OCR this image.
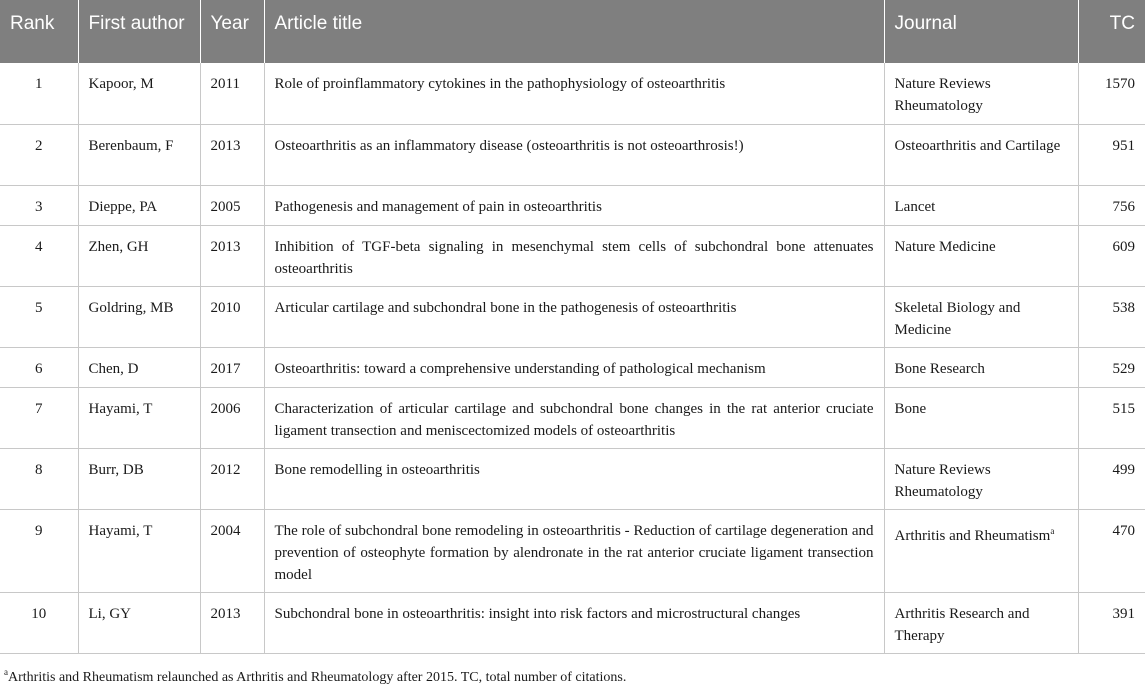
Rank	First author	Year	Article title	Journal	TC
1	Kapoor, M	2011	Role of proinflammatory cytokines in the pathophysiology of osteoarthritis	Nature Reviews Rheumatology	1570
2	Berenbaum, F	2013	Osteoarthritis as an inflammatory disease (osteoarthritis is not osteoarthrosis!)	Osteoarthritis and Cartilage	951
3	Dieppe, PA	2005	Pathogenesis and management of pain in osteoarthritis	Lancet	756
4	Zhen, GH	2013	Inhibition of TGF-beta signaling in mesenchymal stem cells of subchondral bone attenuates osteoarthritis	Nature Medicine	609
5	Goldring, MB	2010	Articular cartilage and subchondral bone in the pathogenesis of osteoarthritis	Skeletal Biology and Medicine	538
6	Chen, D	2017	Osteoarthritis: toward a comprehensive understanding of pathological mechanism	Bone Research	529
7	Hayami, T	2006	Characterization of articular cartilage and subchondral bone changes in the rat anterior cruciate ligament transection and meniscectomized models of osteoarthritis	Bone	515
8	Burr, DB	2012	Bone remodelling in osteoarthritis	Nature Reviews Rheumatology	499
9	Hayami, T	2004	The role of subchondral bone remodeling in osteoarthritis - Reduction of cartilage degeneration and prevention of osteophyte formation by alendronate in the rat anterior cruciate ligament transection model	Arthritis and Rheumatism$^a$	470
10	Li, GY	2013	Subchondral bone in osteoarthritis: insight into risk factors and microstructural changes	Arthritis Research and Therapy	391
$^a$Arthritis and Rheumatism relaunched as Arthritis and Rheumatology after 2015. TC, total number of citations.
